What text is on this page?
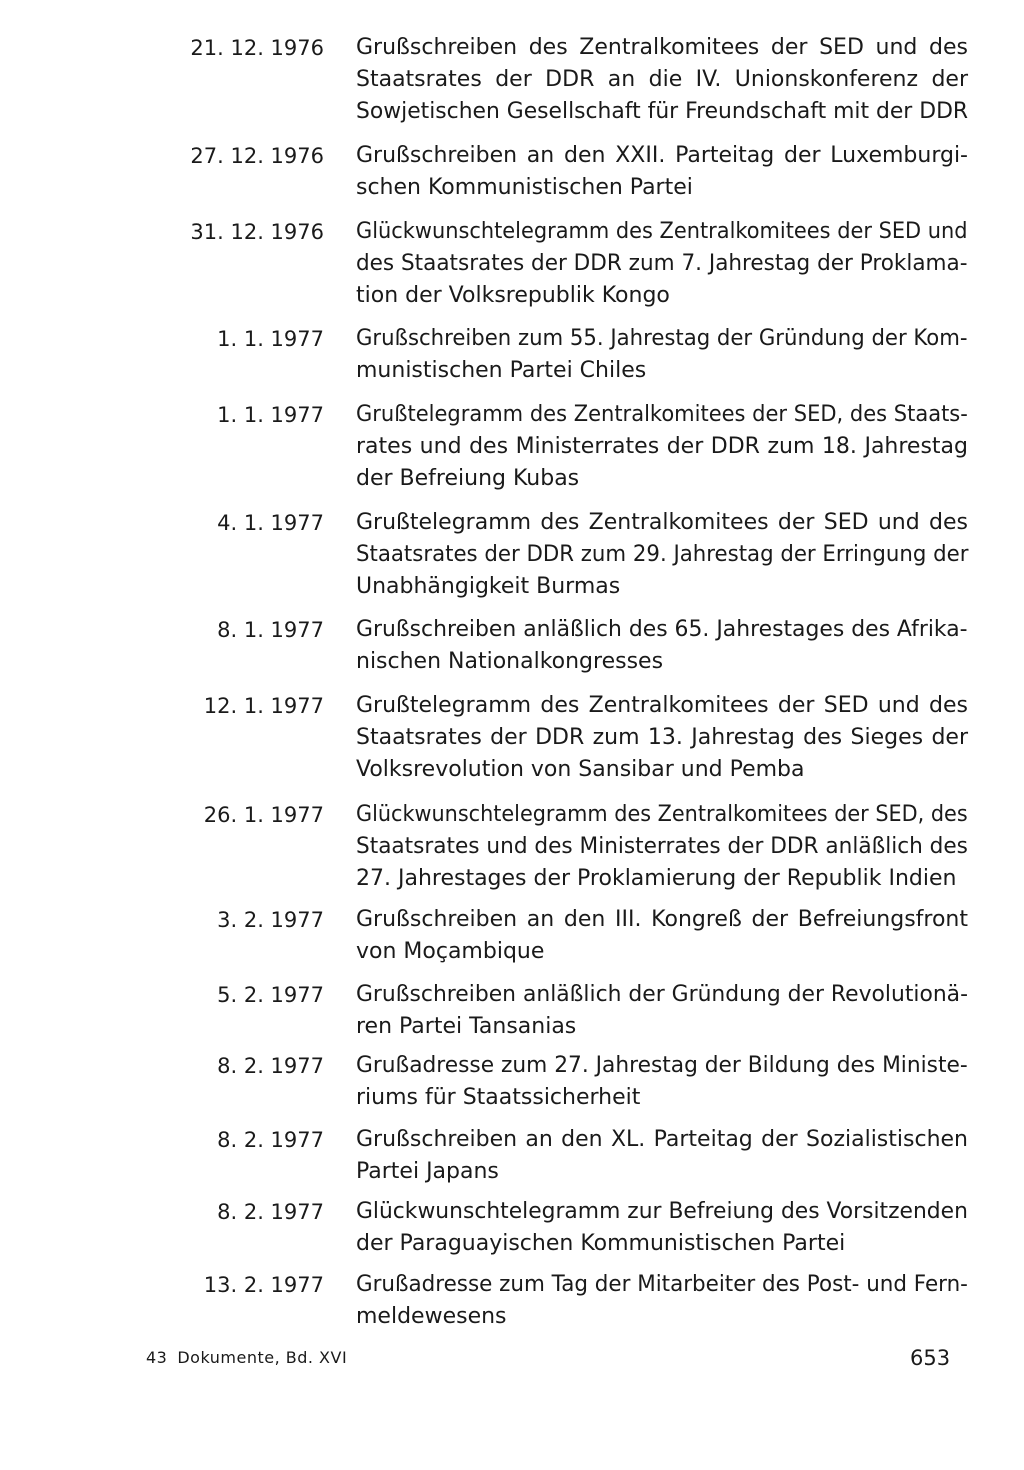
21. 12. 1976 Grußschreiben des Zentralkomitees der SED und des
Staatsrates der DDR an die IV. Unionskonferenz der
Sowjetischen Gesellschaft für Freundschaft mit der DDR
27. 12. 1976 Grußschreiben an den XXII. Parteitag der Luxemburgi-
schen Kommunistischen Partei
31. 12. 1976 Glückwunschtelegramm des Zentralkomitees der SED und
des Staatsrates der DDR zum 7. Jahrestag der Proklama-
tion der Volksrepublik Kongo
1. 1. 1977 Grußschreiben zum 55. Jahrestag der Gründung der Kom-
munistischen Partei Chiles
1. 1. 1977 Grußtelegramm des Zentralkomitees der SED, des Staats-
rates und des Ministerrates der DDR zum 18. Jahrestag
der Befreiung Kubas
4. 1. 1977 Grußtelegramm des Zentralkomitees der SED und des
Staatsrates der DDR zum 29. Jahrestag der Erringung der
Unabhängigkeit Burmas
8. 1. 1977 Grußschreiben anläßlich des 65. Jahrestages des Afrika-
nischen Nationalkongresses
12. 1. 1977 Grußtelegramm des Zentralkomitees der SED und des
Staatsrates der DDR zum 13. Jahrestag des Sieges der
Volksrevolution von Sansibar und Pemba
26. 1. 1977 Glückwunschtelegramm des Zentralkomitees der SED, des
Staatsrates und des Ministerrates der DDR anläßlich des
27. Jahrestages der Proklamierung der Republik Indien
3. 2. 1977 Grußschreiben an den III. Kongreß der Befreiungsfront
von Moçambique
5. 2. 1977 Grußschreiben anläßlich der Gründung der Revolutionä-
ren Partei Tansanias
8. 2. 1977 Grußadresse zum 27. Jahrestag der Bildung des Ministe-
riums für Staatssicherheit
8. 2. 1977 Grußschreiben an den XL. Parteitag der Sozialistischen
Partei Japans
8. 2. 1977 Glückwunschtelegramm zur Befreiung des Vorsitzenden
der Paraguayischen Kommunistischen Partei
13. 2. 1977 Grußadresse zum Tag der Mitarbeiter des Post- und Fern-
meldewesens
43 Dokumente, Bd. XVI	653
